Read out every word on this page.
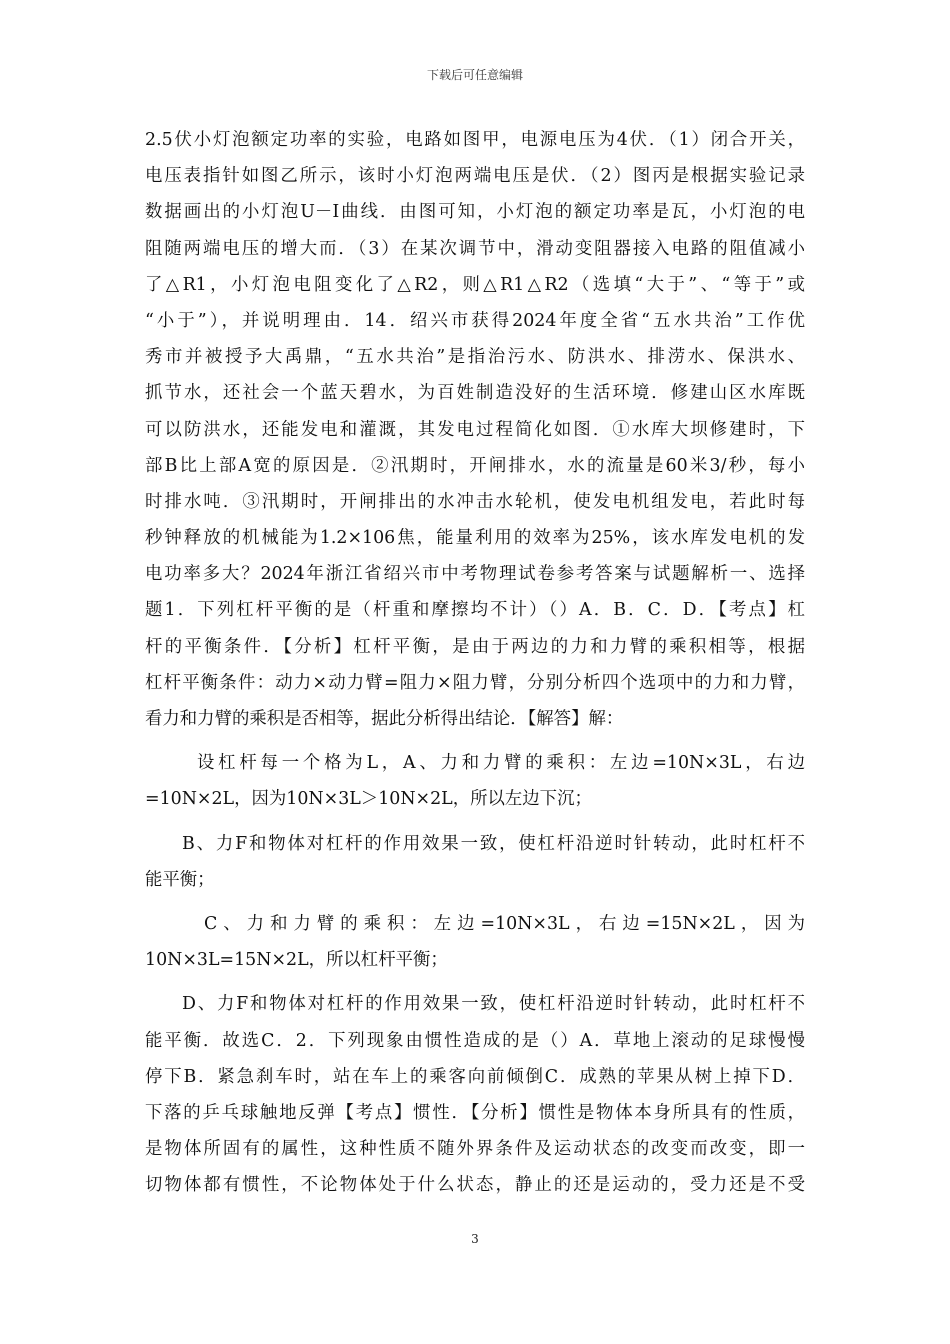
下载后可任意编辑
2.5伏小灯泡额定功率的实验，电路如图甲，电源电压为4伏．（1）闭合开关，
电压表指针如图乙所示，该时小灯泡两端电压是伏．（2）图丙是根据实验记录
数据画出的小灯泡U－I曲线．由图可知，小灯泡的额定功率是瓦，小灯泡的电
阻随两端电压的增大而．（3）在某次调节中，滑动变阻器接入电路的阻值减小
了△R1，小灯泡电阻变化了△R2，则△R1△R2（选填“大于”、“等于”或
“小于”），并说明理由．14．绍兴市获得2024年度全省“五水共治”工作优
秀市并被授予大禹鼎，“五水共治”是指治污水、防洪水、排涝水、保洪水、
抓节水，还社会一个蓝天碧水，为百姓制造没好的生活环境．修建山区水库既
可以防洪水，还能发电和灌溉，其发电过程简化如图．①水库大坝修建时，下
部B比上部A宽的原因是．②汛期时，开闸排水，水的流量是60米3/秒，每小
时排水吨．③汛期时，开闸排出的水冲击水轮机，使发电机组发电，若此时每
秒钟释放的机械能为1.2×106焦，能量利用的效率为25%，该水库发电机的发
电功率多大？2024年浙江省绍兴市中考物理试卷参考答案与试题解析一、选择
题1．下列杠杆平衡的是（杆重和摩擦均不计）（）A．B．C．D．【考点】杠
杆的平衡条件．【分析】杠杆平衡，是由于两边的力和力臂的乘积相等，根据
杠杆平衡条件：动力×动力臂=阻力×阻力臂，分别分析四个选项中的力和力臂，
看力和力臂的乘积是否相等，据此分析得出结论．【解答】解：
设杠杆每一个格为L，A、力和力臂的乘积：左边=10N×3L，右边
=10N×2L，因为10N×3L＞10N×2L，所以左边下沉；
B、力F和物体对杠杆的作用效果一致，使杠杆沿逆时针转动，此时杠杆不
能平衡；
C、力和力臂的乘积：左边=10N×3L，右边=15N×2L，因为
10N×3L=15N×2L，所以杠杆平衡；
D、力F和物体对杠杆的作用效果一致，使杠杆沿逆时针转动，此时杠杆不
能平衡．故选C．2．下列现象由惯性造成的是（）A．草地上滚动的足球慢慢
停下B．紧急刹车时，站在车上的乘客向前倾倒C．成熟的苹果从树上掉下D．
下落的乒乓球触地反弹【考点】惯性．【分析】惯性是物体本身所具有的性质，
是物体所固有的属性，这种性质不随外界条件及运动状态的改变而改变，即一
切物体都有惯性，不论物体处于什么状态，静止的还是运动的，受力还是不受
3
